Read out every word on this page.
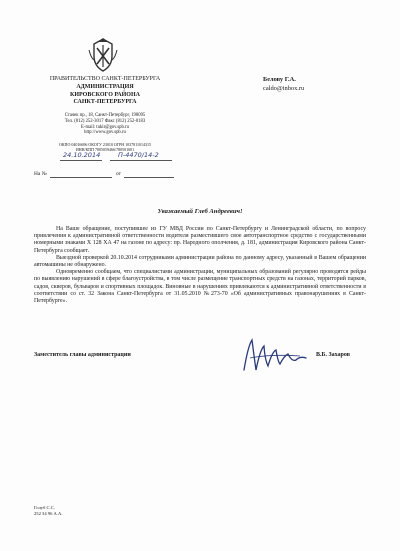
ПРАВИТЕЛЬСТВО САНКТ-ПЕТЕРБУРГА
АДМИНИСТРАЦИЯ
КИРОВСКОГО РАЙОНА
САНКТ-ПЕТЕРБУРГА
Стачек пр., 18, Санкт-Петербург, 198095
Тел. (812) 252-3017 Факс (812) 252-0183
E-mail: tukir@gov.spb.ru
http://www.gov.spb.ru
ОКПО 04016696 ОКОГУ 23010 ОГРН 1037811014315
ИНН/КПП 7805059466/780501001
24.10.2014	П-4470/14-2
На №	от
Белову Г.А.
caldo@inbox.ru
Уважаемый Глеб Андреевич!

На Ваше обращение, поступившее из ГУ МВД России по Санкт-Петербургу и Ленинградской области, по вопросу привлечения к административной ответственности водителя разместившего свое автотранспортное средство с государственными номерными знаками Х 128 ХА 47 на газоне по адресу: пр. Народного ополчения, д. 181, администрация Кировского района Санкт-Петербурга сообщает.

Выездной проверкой 20.10.2014 сотрудниками администрации района по данному адресу, указанный в Вашем обращении автомашины не обнаружено.

Одновременно сообщаем, что специалистами администрации, муниципальных образований регулярно проводятся рейды по выявлению нарушений в сфере благоустройства, в том числе размещение транспортных средств на газонах, территорий парков, садов, скверов, бульваров и спортивных площадок. Виновные в нарушениях привлекаются к административной ответственности в соответствии со ст. 32 Закона Санкт-Петербурга от 31.05.2010 №273-70 «Об административных правонарушениях в Санкт-Петербурге».

Заместитель главы администрации	В.Б. Захаров
Голуб С.С.
252 34 96 А.А.
